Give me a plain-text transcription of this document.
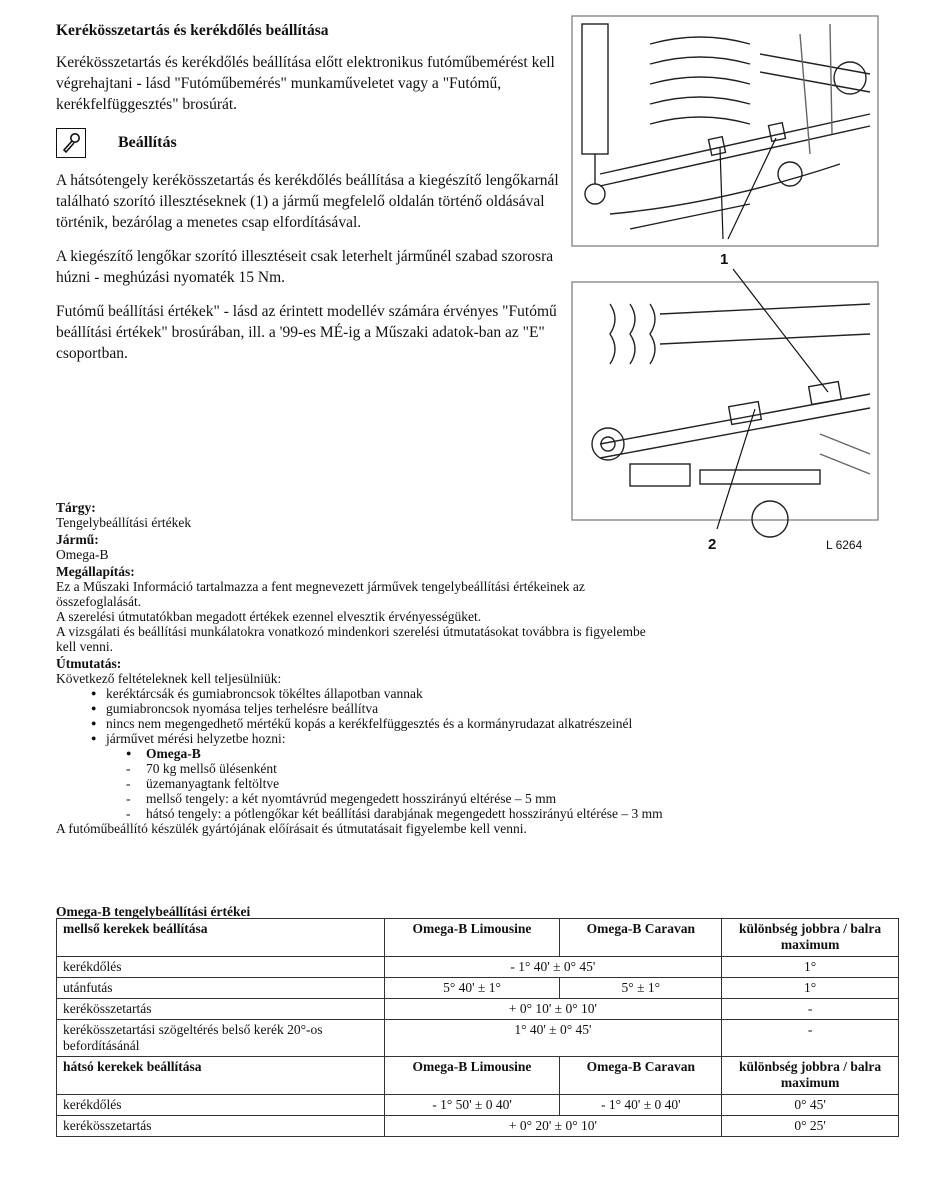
Kerékösszetartás és kerékdőlés beállítása

Kerékösszetartás és kerékdőlés beállítása előtt elektronikus futóműbemérést kell végrehajtani - lásd "Futóműbemérés" munkaműveletet vagy a "Futómű, kerékfelfüggesztés" brosúrát.

Beállítás

A hátsótengely kerékösszetartás és kerékdőlés beállítása a kiegészítő lengőkarnál található szorító illesztéseknek (1) a jármű megfelelő oldalán történő oldásával történik, bezárólag a menetes csap elfordításával.

A kiegészítő lengőkar szorító illesztéseit csak leterhelt járműnél szabad szorosra húzni - meghúzási nyomaték 15 Nm.

Futómű beállítási értékek" - lásd az érintett modellév számára érvényes "Futómű beállítási értékek" brosúrában, ill. a '99-es MÉ-ig a Műszaki adatok-ban az "E" csoportban.

1
2	L 6264
Tárgy:
Tengelybeállítási értékek
Jármű:
Omega-B
Megállapítás:
Ez a Műszaki Információ tartalmazza a fent megnevezett járművek tengelybeállítási értékeinek az
összefoglalását.
A szerelési útmutatókban megadott értékek ezennel elvesztik érvényességüket.
A vizsgálati és beállítási munkálatokra vonatkozó mindenkori szerelési útmutatásokat továbbra is figyelembe
kell venni.
Útmutatás:
Következő feltételeknek kell teljesülniük:
● keréktárcsák és gumiabroncsok tökéltes állapotban vannak
● gumiabroncsok nyomása teljes terhelésre beállítva
● nincs nem megengedhető mértékű kopás a kerékfelfüggesztés és a kormányrudazat alkatrészeinél
● járművet mérési helyzetbe hozni:
● Omega-B
- 70 kg mellső ülésenként
- üzemanyagtank feltöltve
- mellső tengely: a két nyomtávrúd megengedett hosszirányú eltérése – 5 mm
- hátsó tengely: a pótlengőkar két beállítási darabjának megengedett hosszirányú eltérése – 3 mm
A futóműbeállító készülék gyártójának előírásait és útmutatásait figyelembe kell venni.
Omega-B tengelybeállítási értékei
mellső kerekek beállítása	Omega-B Limousine	Omega-B Caravan	különbség jobbra / balra maximum
kerékdőlés	- 1° 40' ± 0° 45'		1°
utánfutás	5° 40' ± 1°	5° ± 1°	1°
kerékösszetartás	+ 0° 10' ± 0° 10'		-
kerékösszetartási szögeltérés belső kerék 20°-os befordításánál	1° 40' ± 0° 45'		-
hátsó kerekek beállítása	Omega-B Limousine	Omega-B Caravan	különbség jobbra / balra maximum
kerékdőlés	- 1° 50' ± 0 40'	- 1° 40' ± 0 40'	0° 45'
kerékösszetartás	+ 0° 20' ± 0° 10'		0° 25'
